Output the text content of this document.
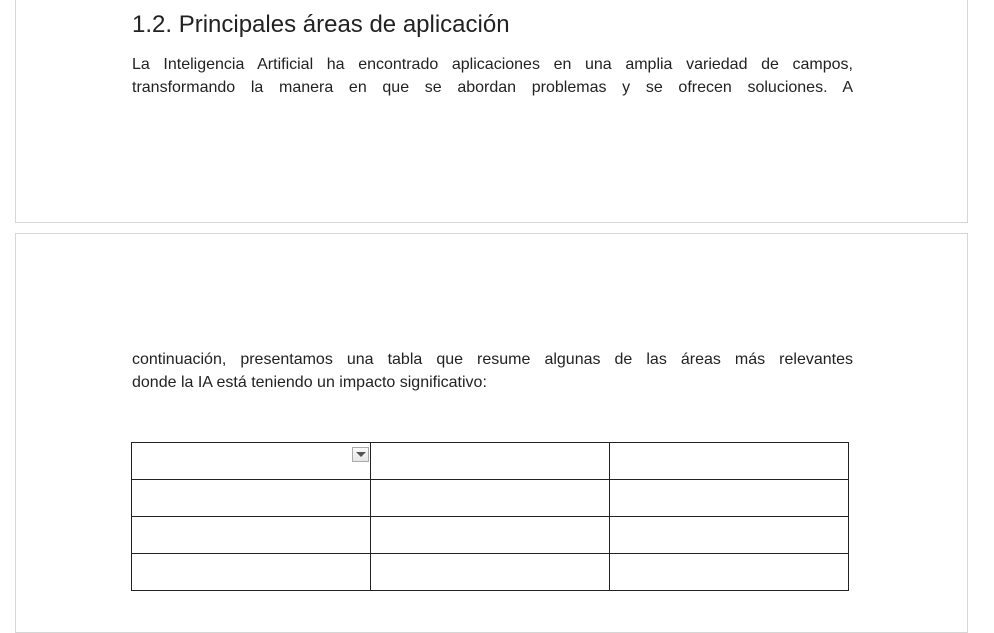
1.2. Principales áreas de aplicación

La Inteligencia Artificial ha encontrado aplicaciones en una amplia variedad de campos, transformando la manera en que se abordan problemas y se ofrecen soluciones. A

continuación, presentamos una tabla que resume algunas de las áreas más relevantes
donde la IA está teniendo un impacto significativo:
